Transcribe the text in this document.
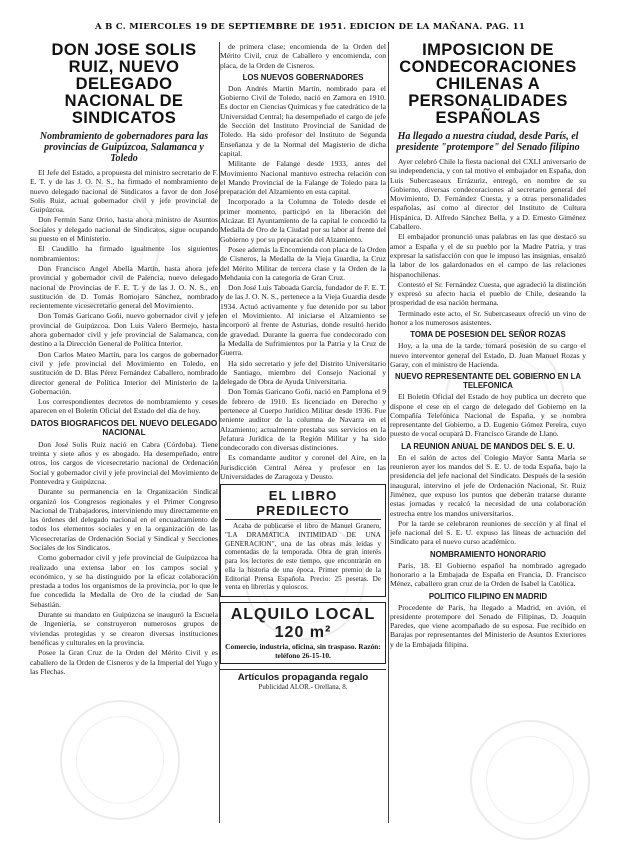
A B C. MIERCOLES 19 DE SEPTIEMBRE DE 1951. EDICION DE LA MAÑANA. PAG. 11
DON JOSE SOLIS RUIZ, NUEVO DELEGADO NACIONAL DE SINDICATOS
Nombramiento de gobernadores para las provincias de Guipúzcoa, Salamanca y Toledo

El Jefe del Estado, a propuesta del ministro secretario de F. E. T. y de las J. O. N. S., ha firmado el nombramiento de nuevo delegado nacional de Sindicatos a favor de don José Solís Ruiz, actual gobernador civil y jefe provincial de Guipúzcoa.

Don Fermín Sanz Orrio, hasta ahora ministro de Asuntos Sociales y delegado nacional de Sindicatos, sigue ocupando su puesto en el Ministerio.

El Caudillo ha firmado igualmente los siguientes nombramientos:

Don Francisco Angel Abella Martín, hasta ahora jefe provincial y gobernador civil de Palencia, nuevo delegado nacional de Provincias de F. E. T. y de las J. O. N. S., en sustitución de D. Tomás Romojaro Sánchez, nombrado recientemente vicesecretario general del Movimiento.

Don Tomás Garicano Goñi, nuevo gobernador civil y jefe provincial de Guipúzcoa. Don Luis Valero Bermejo, hasta ahora gobernador civil y jefe provincial de Salamanca, con destino a la Dirección General de Política Interior.

Don Carlos Mateo Martín, para los cargos de gobernador civil y jefe provincial del Movimiento en Toledo, en sustitución de D. Blas Pérez Fernández Caballero, nombrado director general de Política Interior del Ministerio de la Gobernación.

Los correspondientes decretos de nombramiento y ceses aparecen en el Boletín Oficial del Estado del día de hoy.

DATOS BIOGRAFICOS DEL NUEVO DELEGADO NACIONAL

Don José Solís Ruiz nació en Cabra (Córdoba). Tiene treinta y siete años y es abogado. Ha desempeñado, entre otros, los cargos de vicesecretario nacional de Ordenación Social y gobernador civil y jefe provincial del Movimiento de Pontevedra y Guipúzcoa.

Durante su permanencia en la Organización Sindical organizó los Congresos regionales y el Primer Congreso Nacional de Trabajadores, interviniendo muy directamente en las órdenes del delegado nacional en el encuadramiento de todos los elementos sociales y en la organización de las Vicesecretarías de Ordenación Social y Sindical y Secciones Sociales de los Sindicatos.

Como gobernador civil y jefe provincial de Guipúzcoa ha realizado una extensa labor en los campos social y económico, y se ha distinguido por la eficaz colaboración prestada a todos los organismos de la provincia, por lo que le fue concedida la Medalla de Oro de la ciudad de San Sebastián.

Durante su mandato en Guipúzcoa se inauguró la Escuela de Ingeniería, se construyeron numerosos grupos de viviendas protegidas y se crearon diversas instituciones benéficas y culturales en la provincia.

Posee la Gran Cruz de la Orden del Mérito Civil y es caballero de la Orden de Cisneros y de la Imperial del Yugo y las Flechas.

de primera clase; encomienda de la Orden del Mérito Civil, cruz de Caballero y encomienda, con placa, de la Orden de Cisneros.

LOS NUEVOS GOBERNADORES

Don Andrés Martín Martín, nombrado para el Gobierno Civil de Toledo, nació en Zamora en 1910. Es doctor en Ciencias Químicas y fue catedrático de la Universidad Central; ha desempeñado el cargo de jefe de Sección del Instituto Provincial de Sanidad de Toledo. Ha sido profesor del Instituto de Segunda Enseñanza y de la Normal del Magisterio de dicha capital.

Militante de Falange desde 1933, antes del Movimiento Nacional mantuvo estrecha relación con el Mando Provincial de la Falange de Toledo para la preparación del Alzamiento en esta capital.

Incorporado a la Columna de Toledo desde el primer momento, participó en la liberación del Alcázar. El Ayuntamiento de la capital le concedió la Medalla de Oro de la Ciudad por su labor al frente del Gobierno y por su preparación del Alzamiento.

Posee además la Encomienda con placa de la Orden de Cisneros, la Medalla de la Vieja Guardia, la Cruz del Mérito Militar de tercera clase y la Orden de la Mehdauia con la categoría de Gran Cruz.

Don José Luis Taboada García, fundador de F. E. T. y de las J. O. N. S., pertenece a la Vieja Guardia desde 1934. Actuó activamente y fue detenido por su labor en el Movimiento. Al iniciarse el Alzamiento se incorporó al frente de Asturias, donde resultó herido de gravedad. Durante la guerra fue condecorado con la Medalla de Sufrimientos por la Patria y la Cruz de Guerra.

Ha sido secretario y jefe del Distrito Universitario de Santiago, miembro del Consejo Nacional y delegado de Obra de Ayuda Universitaria.

Don Tomás Garicano Goñi, nació en Pamplona el 9 de febrero de 1910. Es licenciado en Derecho y pertenece al Cuerpo Jurídico Militar desde 1936. Fue teniente auditor de la columna de Navarra en el Alzamiento; actualmente prestaba sus servicios en la Jefatura Jurídica de la Región Militar y ha sido condecorado con diversas distinciones.

Es comandante auditor y coronel del Aire, en la Jurisdicción Central Aérea y profesor en las Universidades de Zaragoza y Deusto.

EL LIBRO PREDILECTO

Acaba de publicarse el libro de Manuel Granero, "LA DRAMATICA INTIMIDAD DE UNA GENERACION", una de las obras más leídas y comentadas de la temporada. Obra de gran interés para los lectores de este tiempo, que encontrarán en ella la historia de una época. Primer premio de la Editorial Prensa Española. Precio: 25 pesetas. De venta en librerías y quioscos.

ALQUILO LOCAL 120 m²
Comercio, industria, oficina, sin traspaso. Razón: teléfono 26-15-10.
Artículos propaganda regalo
Publicidad ALOR.- Orellana, 8.
IMPOSICION DE CONDECORACIONES CHILENAS A PERSONALIDADES ESPAÑOLAS
Ha llegado a nuestra ciudad, desde París, el presidente "protempore" del Senado filipino

Ayer celebró Chile la fiesta nacional del CXLI aniversario de su independencia, y con tal motivo el embajador en España, don Luis Subercaseaux Errázuriz, entregó, en nombre de su Gobierno, diversas condecoraciones al secretario general del Movimiento, D. Fernández Cuesta, y a otras personalidades españolas, así como al director del Instituto de Cultura Hispánica, D. Alfredo Sánchez Bella, y a D. Ernesto Giménez Caballero.

El embajador pronunció unas palabras en las que destacó su amor a España y el de su pueblo por la Madre Patria, y tras expresar la satisfacción con que le impuso las insignias, ensalzó la labor de los galardonados en el campo de las relaciones hispanochilenas.

Contestó el Sr. Fernández Cuesta, que agradeció la distinción y expresó su afecto hacia el pueblo de Chile, deseando la prosperidad de esa nación hermana.

Terminado este acto, el Sr. Subercaseaux ofreció un vino de honor a los numerosos asistentes.

TOMA DE POSESION DEL SEÑOR ROZAS

Hoy, a la una de la tarde, tomará posesión de su cargo el nuevo interventor general del Estado, D. Juan Manuel Rozas y Garay, con el ministro de Hacienda.

NUEVO REPRESENTANTE DEL GOBIERNO EN LA TELEFONICA

El Boletín Oficial del Estado de hoy publica un decreto que dispone el cese en el cargo de delegado del Gobierno en la Compañía Telefónica Nacional de España, y se nombra representante del Gobierno, a D. Eugenio Gómez Pereira, cuyo puesto de vocal ocupará D. Francisco Grande de Llano.

LA REUNION ANUAL DE MANDOS DEL S. E. U.

En el salón de actos del Colegio Mayor Santa María se reunieron ayer los mandos del S. E. U. de toda España, bajo la presidencia del jefe nacional del Sindicato. Después de la sesión inaugural, intervino el jefe de Ordenación Nacional, Sr. Ruiz Jiménez, que expuso los puntos que deberán tratarse durante estas jornadas y recalcó la necesidad de una colaboración estrecha entre los mandos universitarios.

Por la tarde se celebraron reuniones de sección y al final el jefe nacional del S. E. U. expuso las líneas de actuación del Sindicato para el nuevo curso académico.

NOMBRAMIENTO HONORARIO

París, 18. El Gobierno español ha nombrado agregado honorario a la Embajada de España en Francia, D. Francisco Ménez, caballero gran cruz de la Orden de Isabel la Católica.

POLITICO FILIPINO EN MADRID

Procedente de París, ha llegado a Madrid, en avión, el presidente protempore del Senado de Filipinas, D. Joaquín Paredes, que viene acompañado de su esposa. Fue recibido en Barajas por representantes del Ministerio de Asuntos Exteriores y de la Embajada filipina.
